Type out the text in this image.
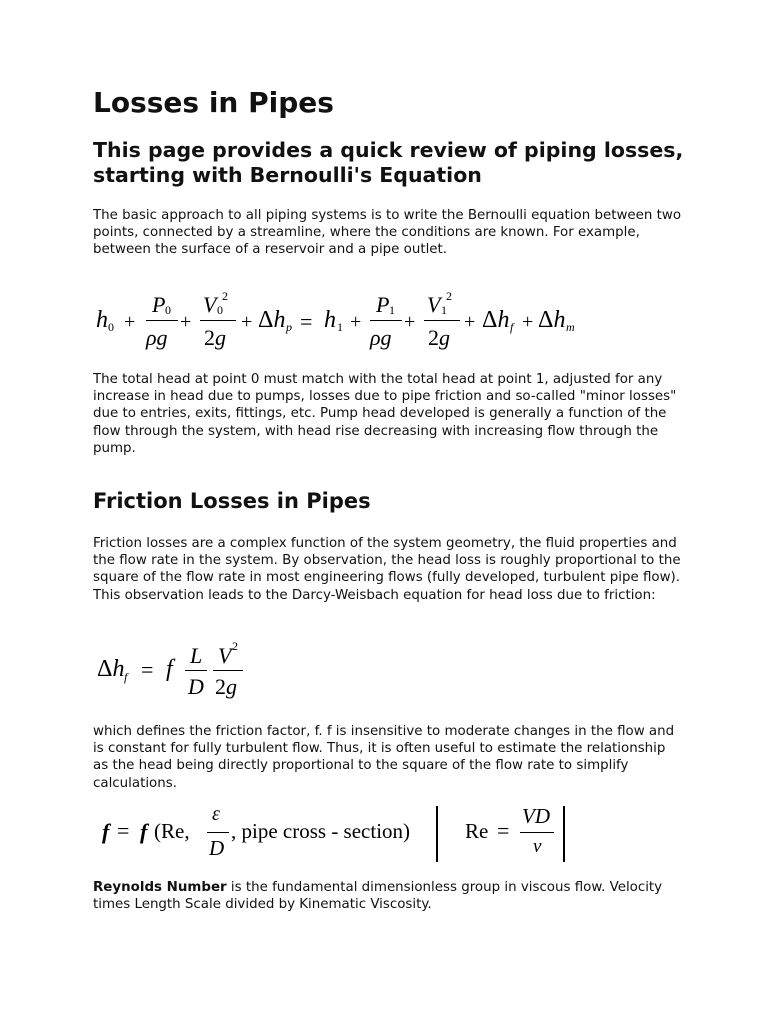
Losses in Pipes
This page provides a quick review of piping losses, starting with Bernoulli's Equation

The basic approach to all piping systems is to write the Bernoulli equation between two points, connected by a streamline, where the conditions are known. For example, between the surface of a reservoir and a pipe outlet.

The total head at point 0 must match with the total head at point 1, adjusted for any increase in head due to pumps, losses due to pipe friction and so-called "minor losses" due to entries, exits, fittings, etc. Pump head developed is generally a function of the flow through the system, with head rise decreasing with increasing flow through the pump.

Friction Losses in Pipes

Friction losses are a complex function of the system geometry, the fluid properties and the flow rate in the system. By observation, the head loss is roughly proportional to the square of the flow rate in most engineering flows (fully developed, turbulent pipe flow). This observation leads to the Darcy-Weisbach equation for head loss due to friction:

which defines the friction factor, f. f is insensitive to moderate changes in the flow and is constant for fully turbulent flow. Thus, it is often useful to estimate the relationship as the head being directly proportional to the square of the flow rate to simplify calculations.

Reynolds Number is the fundamental dimensionless group in viscous flow. Velocity times Length Scale divided by Kinematic Viscosity.

h 0 +
P 0
ρg
+
V 0
2
2g
+ Δh p = h 1 +
P 1
ρg
+
V 1
2
2g
+ Δh f + Δh m
Δh f = f
L
D
V 2
2g
f = f (Re,
ε
D
, pipe cross - section)	Re =
VD
ν
